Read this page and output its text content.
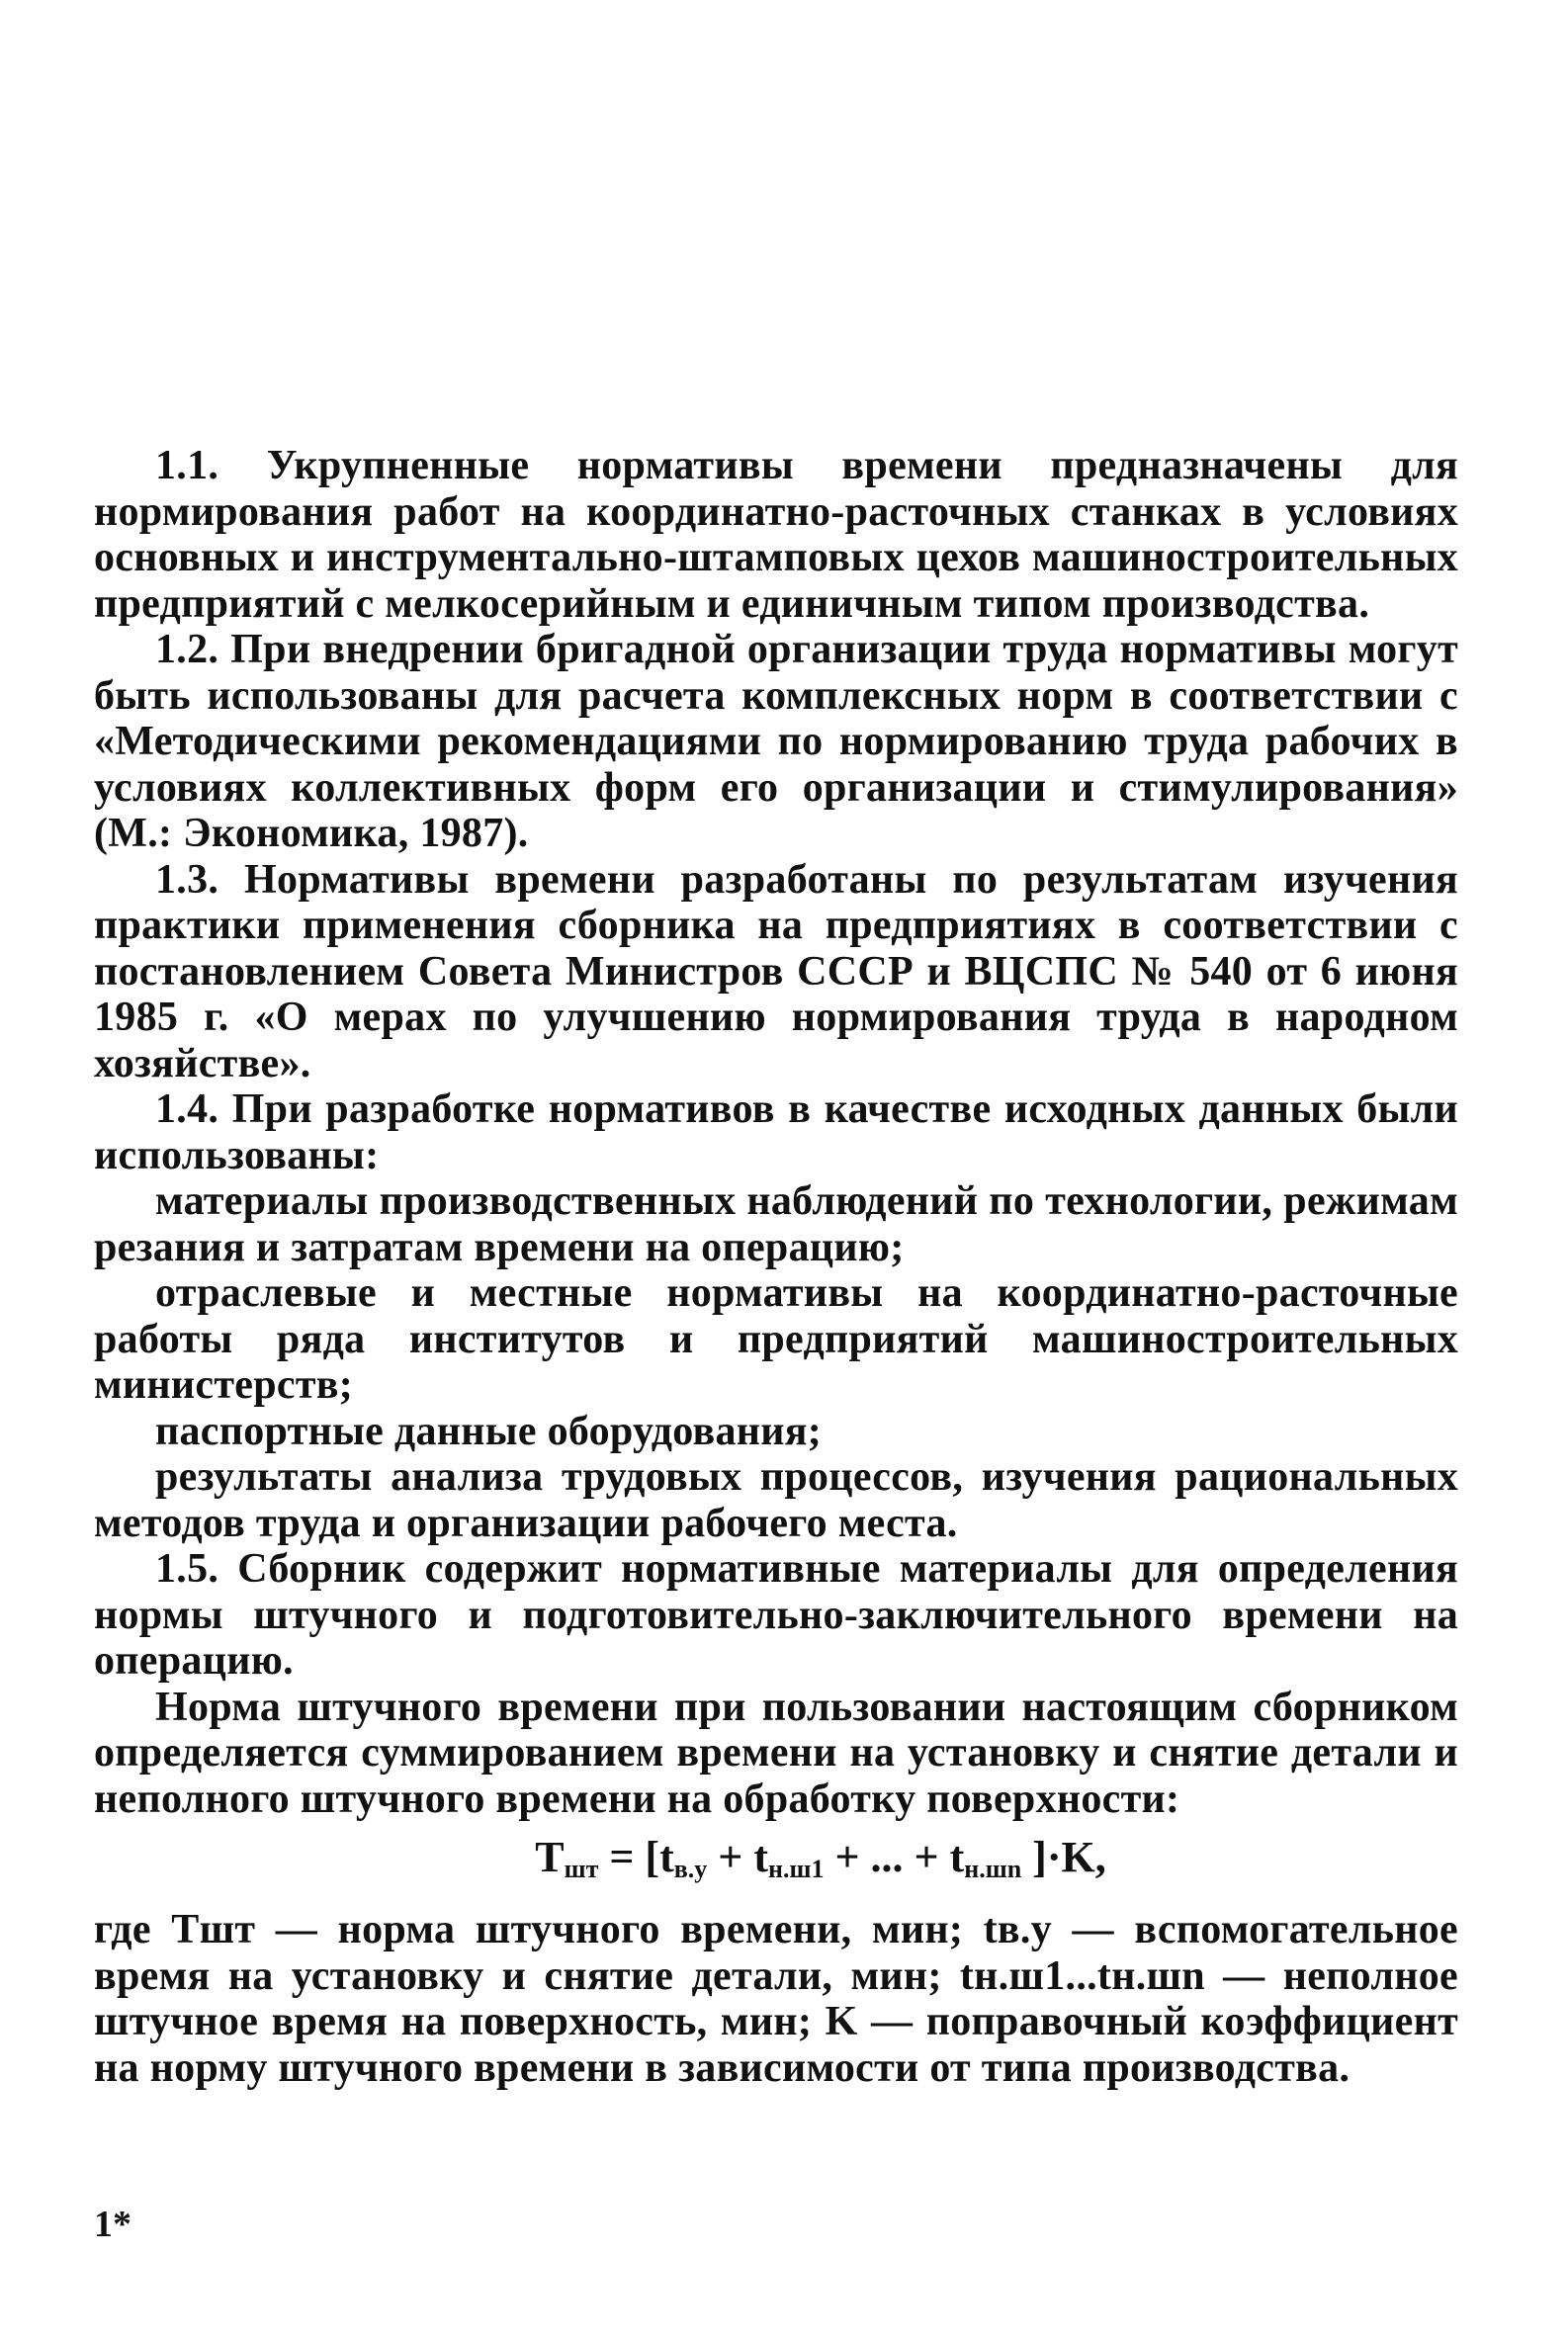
1.1. Укрупненные нормативы времени предназначены для нормирования работ на координатно-расточных станках в условиях основных и инструментально-штамповых цехов машиностроительных предприятий с мелкосерийным и единичным типом производства.

1.2. При внедрении бригадной организации труда нормативы могут быть использованы для расчета комплексных норм в соответствии с «Методическими рекомендациями по нормированию труда рабочих в условиях коллективных форм его организации и стимулирования» (М.: Экономика, 1987).

1.3. Нормативы времени разработаны по результатам изучения практики применения сборника на предприятиях в соответствии с постановлением Совета Министров СССР и ВЦСПС № 540 от 6 июня 1985 г. «О мерах по улучшению нормирования труда в народном хозяйстве».

1.4. При разработке нормативов в качестве исходных данных были использованы:

материалы производственных наблюдений по технологии, режимам резания и затратам времени на операцию;

отраслевые и местные нормативы на координатно-расточные работы ряда институтов и предприятий машиностроительных министерств;

паспортные данные оборудования;

результаты анализа трудовых процессов, изучения рациональных методов труда и организации рабочего места.

1.5. Сборник содержит нормативные материалы для определения нормы штучного и подготовительно-заключительного времени на операцию.

Норма штучного времени при пользовании настоящим сборником определяется суммированием времени на установку и снятие детали и неполного штучного времени на обработку поверхности:

$T_{шт} = [t_{в.у} + t_{н.ш1}$ + ... + $t_{н.шn}$ ]·K,

где Tшт — норма штучного времени, мин; tв.у — вспомогательное время на установку и снятие детали, мин; tн.ш1...tн.шn — неполное штучное время на поверхность, мин; K — поправочный коэффициент на норму штучного времени в зависимости от типа производства.

1*
